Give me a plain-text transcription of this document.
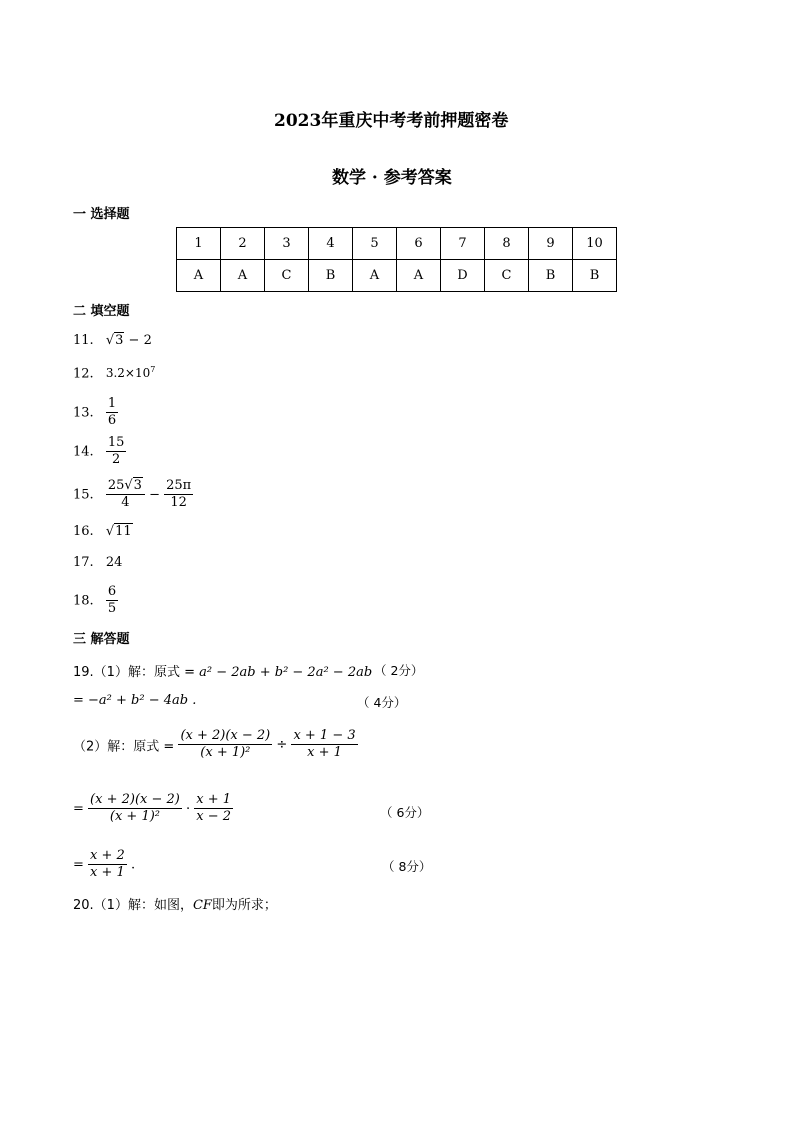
2023年重庆中考考前押题密卷
数学 · 参考答案
一 选择题
1	2	3	4	5	6	7	8	9	10
A	A	C	B	A	A	D	C	B	B
二 填空题
11. √3 − 2
12. $3.2\times 10^7$
13. $\frac{1}{6}$
14. $\frac{15}{2}$
15. $\frac{25√3}{4} - \frac{25\pi}{12}$
16. √11
17. 24
18. $\frac{6}{5}$
三 解答题
19.（1）解：原式 = a² − 2ab + b² − 2a² − 2ab （ 2分）
= −a² + b² − 4ab .	（ 4分）
（2）解：原式 = $\frac{(x + 2)(x - 2)}{\text{(x + 1)²}} \div \frac{x + 1 - 3}{x + 1}$
= $\frac{(x + 2)(x - 2)}{\text{(x + 1)²}} \cdot \frac{x + 1}{x - 2}$	（ 6分）
= $\frac{x + 2}{x + 1}$ .	（ 8分）
20.（1）解：如图，CF即为所求；
